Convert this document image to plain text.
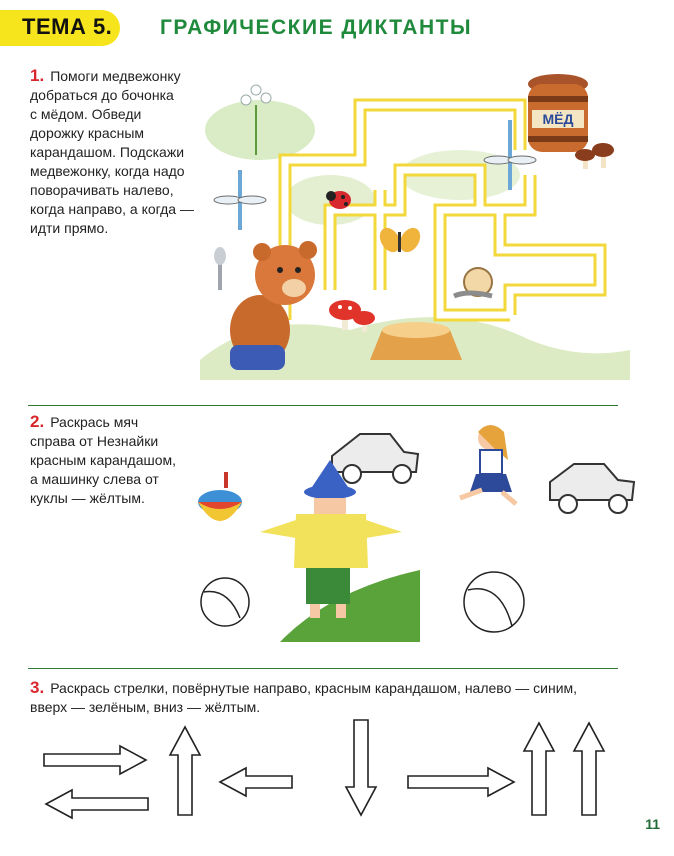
ТЕМА 5. ГРАФИЧЕСКИЕ ДИКТАНТЫ
1. Помоги медвежонку
добраться до бочонка
с мёдом. Обведи
дорожку красным
карандашом. Подскажи
медвежонку, когда надо
поворачивать налево,
когда направо, а когда —
идти прямо.
МЁД
2. Раскрась мяч
справа от Незнайки
красным карандашом,
а машинку слева от
куклы — жёлтым.
3. Раскрась стрелки, повёрнутые направо, красным карандашом, налево — синим,
вверх — зелёным, вниз — жёлтым.
11
